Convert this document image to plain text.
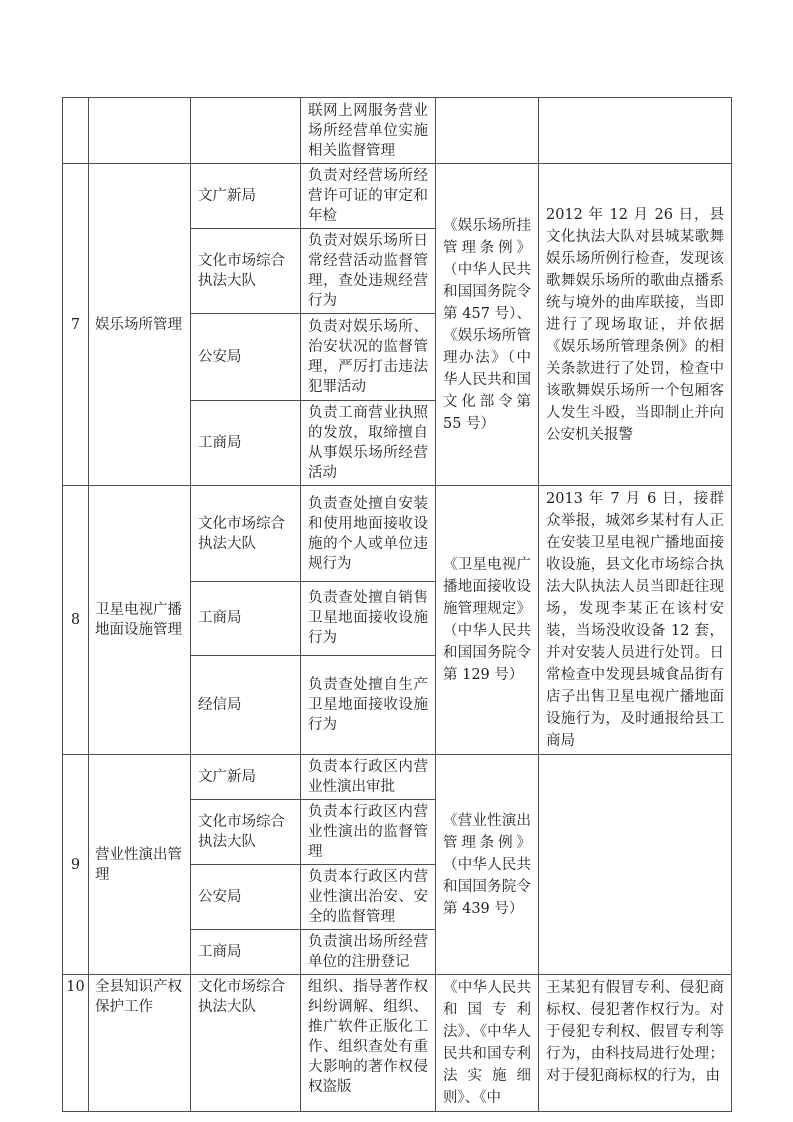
			联网上网服务营业场所经营单位实施相关监督管理		
7	娱乐场所管理	文广新局	负责对经营场所经营许可证的审定和年检	《娱乐场所挂管理条例》（中华人民共和国国务院令第 457 号）、《娱乐场所管理办法》（中华人民共和国文化部令第 55 号）	2012 年 12 月 26 日，县文化执法大队对县城某歌舞娱乐场所例行检查，发现该歌舞娱乐场所的歌曲点播系统与境外的曲库联接，当即进行了现场取证，并依据《娱乐场所管理条例》的相关条款进行了处罚，检查中该歌舞娱乐场所一个包厢客人发生斗殴，当即制止并向公安机关报警
		文化市场综合执法大队	负责对娱乐场所日常经营活动监督管理，查处违规经营行为		
		公安局	负责对娱乐场所、治安状况的监督管理，严厉打击违法犯罪活动		
		工商局	负责工商营业执照的发放，取缔擅自从事娱乐场所经营活动		
8	卫星电视广播地面设施管理	文化市场综合执法大队	负责查处擅自安装和使用地面接收设施的个人或单位违规行为	《卫星电视广播地面接收设施管理规定》（中华人民共和国国务院令第 129 号）	2013 年 7 月 6 日，接群众举报，城郊乡某村有人正在安装卫星电视广播地面接收设施，县文化市场综合执法大队执法人员当即赶往现场，发现李某正在该村安装，当场没收设备 12 套，并对安装人员进行处罚。日常检查中发现县城食品街有店子出售卫星电视广播地面设施行为，及时通报给县工商局
		工商局	负责查处擅自销售卫星地面接收设施行为		
		经信局	负责查处擅自生产卫星地面接收设施行为		
9	营业性演出管理	文广新局	负责本行政区内营业性演出审批	《营业性演出管理条例》（中华人民共和国国务院令第 439 号）	
		文化市场综合执法大队	负责本行政区内营业性演出的监督管理		
		公安局	负责本行政区内营业性演出治安、安全的监督管理		
		工商局	负责演出场所经营单位的注册登记		
10	全县知识产权保护工作	文化市场综合执法大队	组织、指导著作权纠纷调解、组织、推广软件正版化工作、组织查处有重大影响的著作权侵权盗版	《中华人民共和国专利法》、《中华人民共和国专利法实施细则》、《中	王某犯有假冒专利、侵犯商标权、侵犯著作权行为。对于侵犯专利权、假冒专利等行为，由科技局进行处理；对于侵犯商标权的行为，由
